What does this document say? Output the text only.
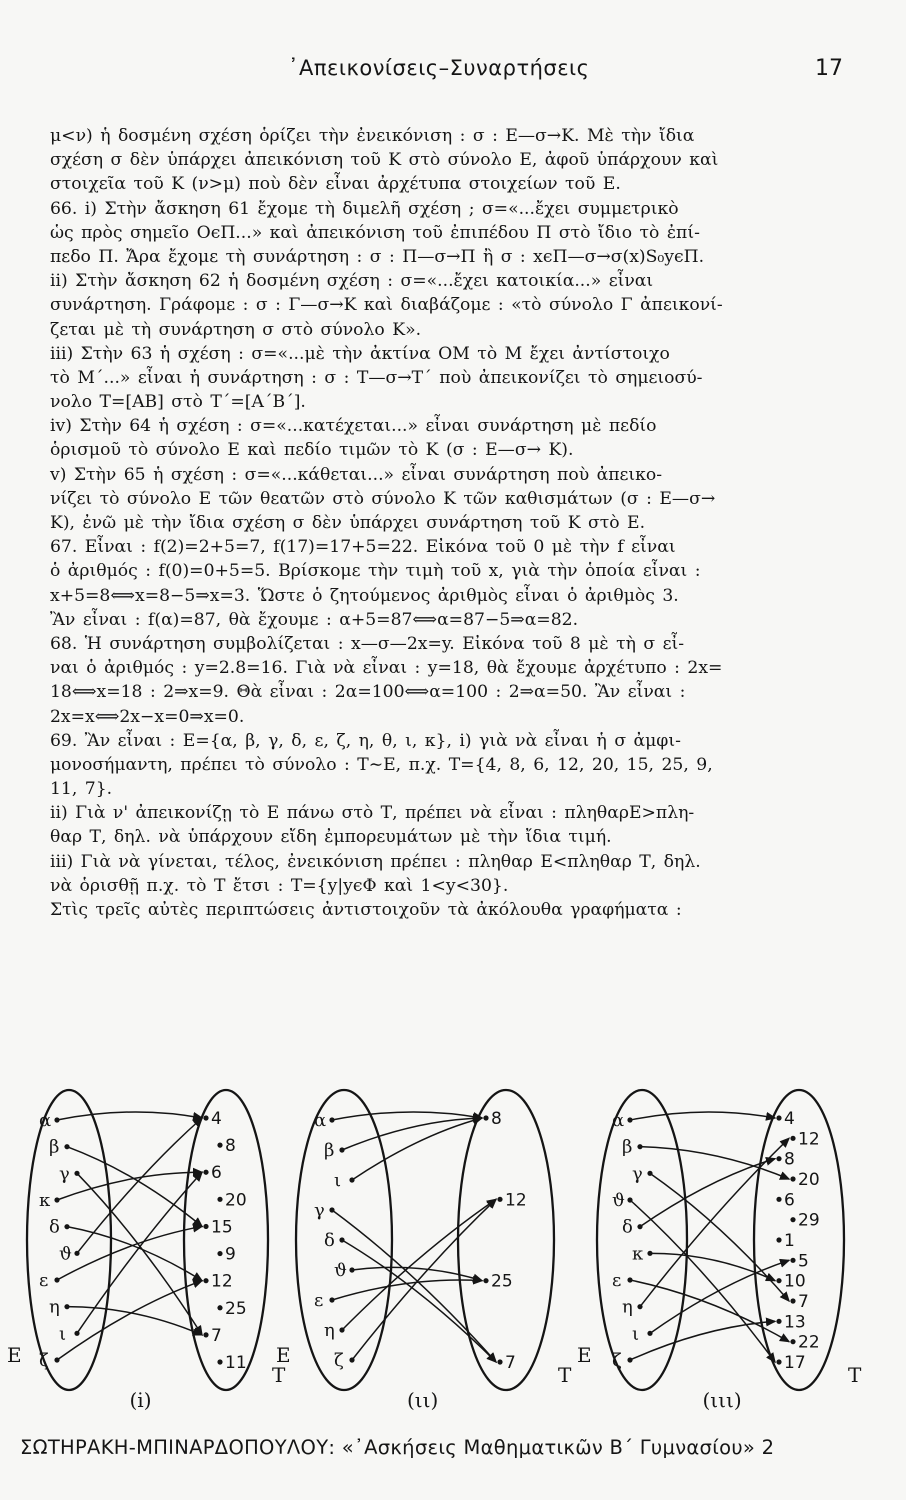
᾿Απεικονίσεις–Συναρτήσεις	17
μ<ν) ἡ δοσμένη σχέση ὁρίζει τὴν ἐνεικόνιση : σ : Ε—σ→Κ. Μὲ τὴν ἴδια
σχέση σ δὲν ὑπάρχει ἀπεικόνιση τοῦ Κ στὸ σύνολο Ε, ἀφοῦ ὑπάρχουν καὶ
στοιχεῖα τοῦ Κ (ν>μ) ποὺ δὲν εἶναι ἀρχέτυπα στοιχείων τοῦ Ε.
66. i) Στὴν ἄσκηση 61 ἔχομε τὴ διμελῆ σχέση ; σ=«...ἔχει συμμετρικὸ
ὡς πρὸς σημεῖο ΟϵΠ...» καὶ ἀπεικόνιση τοῦ ἐπιπέδου Π στὸ ἴδιο τὸ ἐπί-
πεδο Π. Ἄρα ἔχομε τὴ συνάρτηση : σ : Π—σ→Π ἢ σ : xϵΠ—σ→σ(x)S₀yϵΠ.
ii) Στὴν ἄσκηση 62 ἡ δοσμένη σχέση : σ=«...ἔχει κατοικία...» εἶναι
συνάρτηση. Γράφομε : σ : Γ—σ→Κ καὶ διαβάζομε : «τὸ σύνολο Γ ἀπεικονί-
ζεται μὲ τὴ συνάρτηση σ στὸ σύνολο Κ».
iii) Στὴν 63 ἡ σχέση : σ=«...μὲ τὴν ἀκτίνα ΟΜ τὸ Μ ἔχει ἀντίστοιχο
τὸ Μ΄...» εἶναι ἡ συνάρτηση : σ : Τ—σ→Τ΄ ποὺ ἀπεικονίζει τὸ σημειοσύ-
νολο Τ=[ΑΒ] στὸ Τ΄=[Α΄Β΄].
iv) Στὴν 64 ἡ σχέση : σ=«...κατέχεται...» εἶναι συνάρτηση μὲ πεδίο
ὁρισμοῦ τὸ σύνολο Ε καὶ πεδίο τιμῶν τὸ Κ (σ : Ε—σ→ Κ).
v) Στὴν 65 ἡ σχέση : σ=«...κάθεται...» εἶναι συνάρτηση ποὺ ἀπεικο-
νίζει τὸ σύνολο Ε τῶν θεατῶν στὸ σύνολο Κ τῶν καθισμάτων (σ : Ε—σ→
Κ), ἐνῶ μὲ τὴν ἴδια σχέση σ δὲν ὑπάρχει συνάρτηση τοῦ Κ στὸ Ε.
67. Εἶναι : f(2)=2+5=7, f(17)=17+5=22. Εἰκόνα τοῦ 0 μὲ τὴν f εἶναι
ὁ ἀριθμός : f(0)=0+5=5. Βρίσκομε τὴν τιμὴ τοῦ x, γιὰ τὴν ὁποία εἶναι :
x+5=8⟺x=8−5⇒x=3. Ὥστε ὁ ζητούμενος ἀριθμὸς εἶναι ὁ ἀριθμὸς 3.
Ἂν εἶναι : f(α)=87, θὰ ἔχουμε : α+5=87⟺α=87−5⇒α=82.
68. Ἡ συνάρτηση συμβολίζεται : x—σ—2x=y. Εἰκόνα τοῦ 8 μὲ τὴ σ εἶ-
ναι ὁ ἀριθμός : y=2.8=16. Γιὰ νὰ εἶναι : y=18, θὰ ἔχουμε ἀρχέτυπο : 2x=
18⟺x=18 : 2⇒x=9. Θὰ εἶναι : 2α=100⟺α=100 : 2⇒α=50. Ἂν εἶναι :
2x=x⟺2x−x=0⇒x=0.
69. Ἂν εἶναι : Ε={α, β, γ, δ, ε, ζ, η, θ, ι, κ}, i) γιὰ νὰ εἶναι ἡ σ ἀμφι-
μονοσήμαντη, πρέπει τὸ σύνολο : Τ∼Ε, π.χ. Τ={4, 8, 6, 12, 20, 15, 25, 9,
11, 7}.
ii) Γιὰ ν' ἀπεικονίζῃ τὸ Ε πάνω στὸ Τ, πρέπει νὰ εἶναι : πληθαρΕ>πλη-
θαρ Τ, δηλ. νὰ ὑπάρχουν εἴδη ἐμπορευμάτων μὲ τὴν ἴδια τιμή.
iii) Γιὰ νὰ γίνεται, τέλος, ἐνεικόνιση πρέπει : πληθαρ Ε<πληθαρ Τ, δηλ.
νὰ ὁρισθῇ π.χ. τὸ Τ ἔτσι : Τ={y|yϵΦ καὶ 1<y<30}.
Στὶς τρεῖς αὐτὲς περιπτώσεις ἀντιστοιχοῦν τὰ ἀκόλουθα γραφήματα :
Ε
Τ
(i)
α
β
γ
κ
δ
ϑ
ε
η
ι
ζ
4
8
6
20
15
9
12
25
7
11 Ε
Τ
(ιι)
α
β
ι
γ
δ
ϑ
ε
η
ζ
8
12
25
7	Ε
Τ
(ιιι)
α
β
γ
ϑ
δ
κ
ε
η
ι
ζ
4
12
8
20
6
29
1
5
10
7
13
22
17
ΣΩΤΗΡΑΚΗ-ΜΠΙΝΑΡΔΟΠΟΥΛΟΥ: «᾿Ασκήσεις Μαθηματικῶν Β΄ Γυμνασίου» 2
